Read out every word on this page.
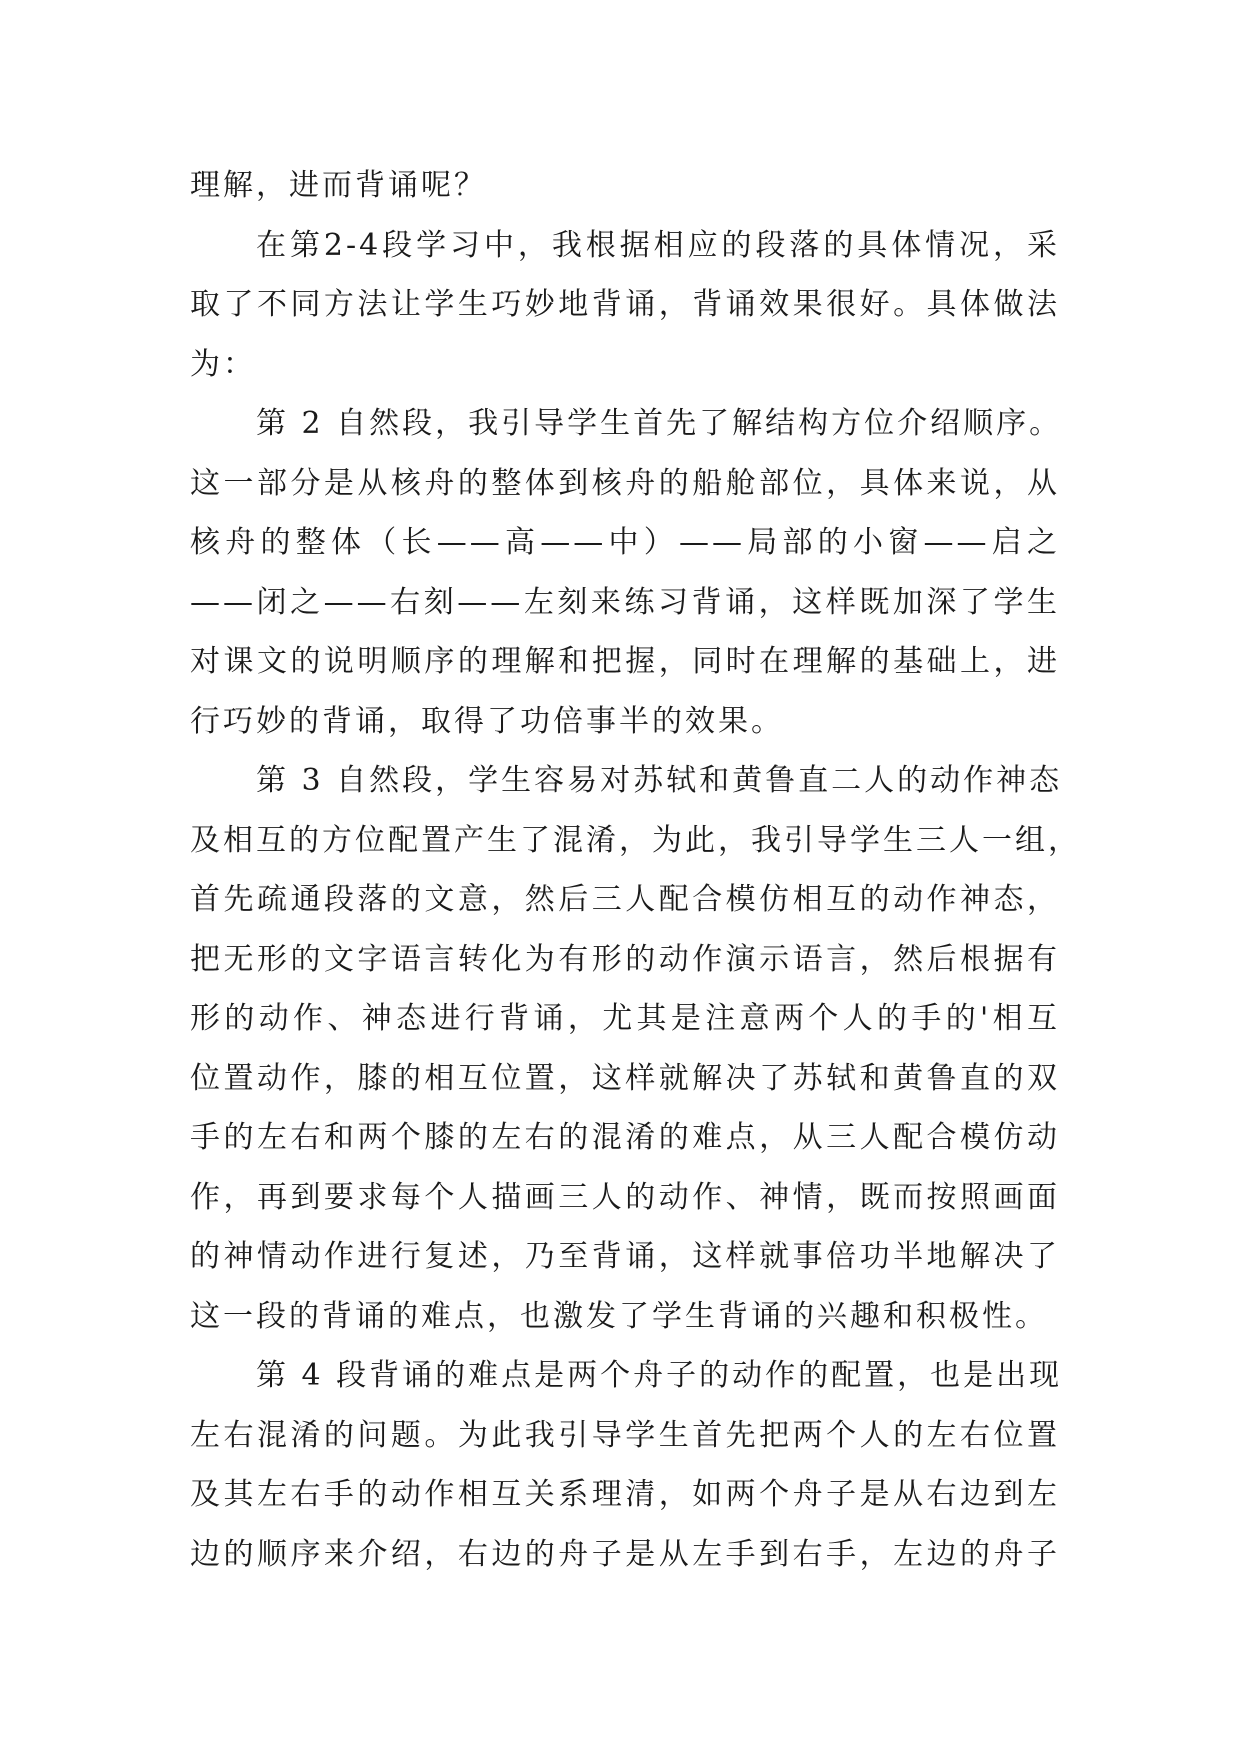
理解，进而背诵呢？
在第2-4段学习中，我根据相应的段落的具体情况，采
取了不同方法让学生巧妙地背诵，背诵效果很好。具体做法
为：
第 2 自然段，我引导学生首先了解结构方位介绍顺序。
这一部分是从核舟的整体到核舟的船舱部位，具体来说，从
核舟的整体（长——高——中）——局部的小窗——启之
——闭之——右刻——左刻来练习背诵，这样既加深了学生
对课文的说明顺序的理解和把握，同时在理解的基础上，进
行巧妙的背诵，取得了功倍事半的效果。
第 3 自然段，学生容易对苏轼和黄鲁直二人的动作神态
及相互的方位配置产生了混淆，为此，我引导学生三人一组，
首先疏通段落的文意，然后三人配合模仿相互的动作神态，
把无形的文字语言转化为有形的动作演示语言，然后根据有
形的动作、神态进行背诵，尤其是注意两个人的手的'相互
位置动作，膝的相互位置，这样就解决了苏轼和黄鲁直的双
手的左右和两个膝的左右的混淆的难点，从三人配合模仿动
作，再到要求每个人描画三人的动作、神情，既而按照画面
的神情动作进行复述，乃至背诵，这样就事倍功半地解决了
这一段的背诵的难点，也激发了学生背诵的兴趣和积极性。
第 4 段背诵的难点是两个舟子的动作的配置，也是出现
左右混淆的问题。为此我引导学生首先把两个人的左右位置
及其左右手的动作相互关系理清，如两个舟子是从右边到左
边的顺序来介绍，右边的舟子是从左手到右手，左边的舟子
